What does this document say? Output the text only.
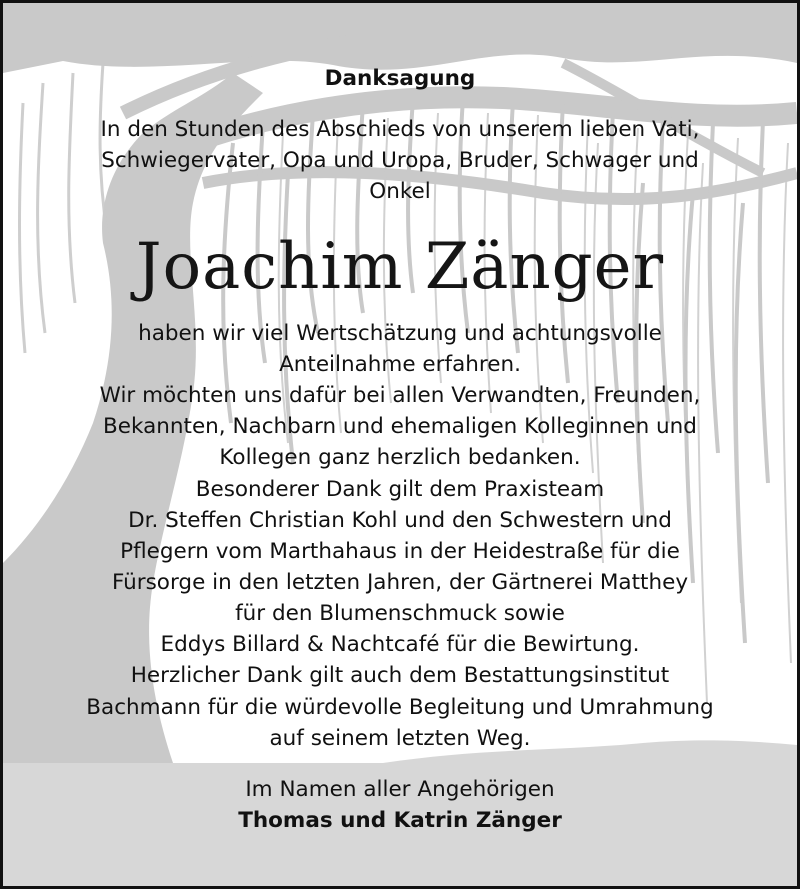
Danksagung
In den Stunden des Abschieds von unserem lieben Vati,
Schwiegervater, Opa und Uropa, Bruder, Schwager und
Onkel
Joachim Zänger
haben wir viel Wertschätzung und achtungsvolle
Anteilnahme erfahren.
Wir möchten uns dafür bei allen Verwandten, Freunden,
Bekannten, Nachbarn und ehemaligen Kolleginnen und
Kollegen ganz herzlich bedanken.
Besonderer Dank gilt dem Praxisteam
Dr. Steffen Christian Kohl und den Schwestern und
Pflegern vom Marthahaus in der Heidestraße für die
Fürsorge in den letzten Jahren, der Gärtnerei Matthey
für den Blumenschmuck sowie
Eddys Billard & Nachtcafé für die Bewirtung.
Herzlicher Dank gilt auch dem Bestattungsinstitut
Bachmann für die würdevolle Begleitung und Umrahmung
auf seinem letzten Weg.
Im Namen aller Angehörigen
Thomas und Katrin Zänger
